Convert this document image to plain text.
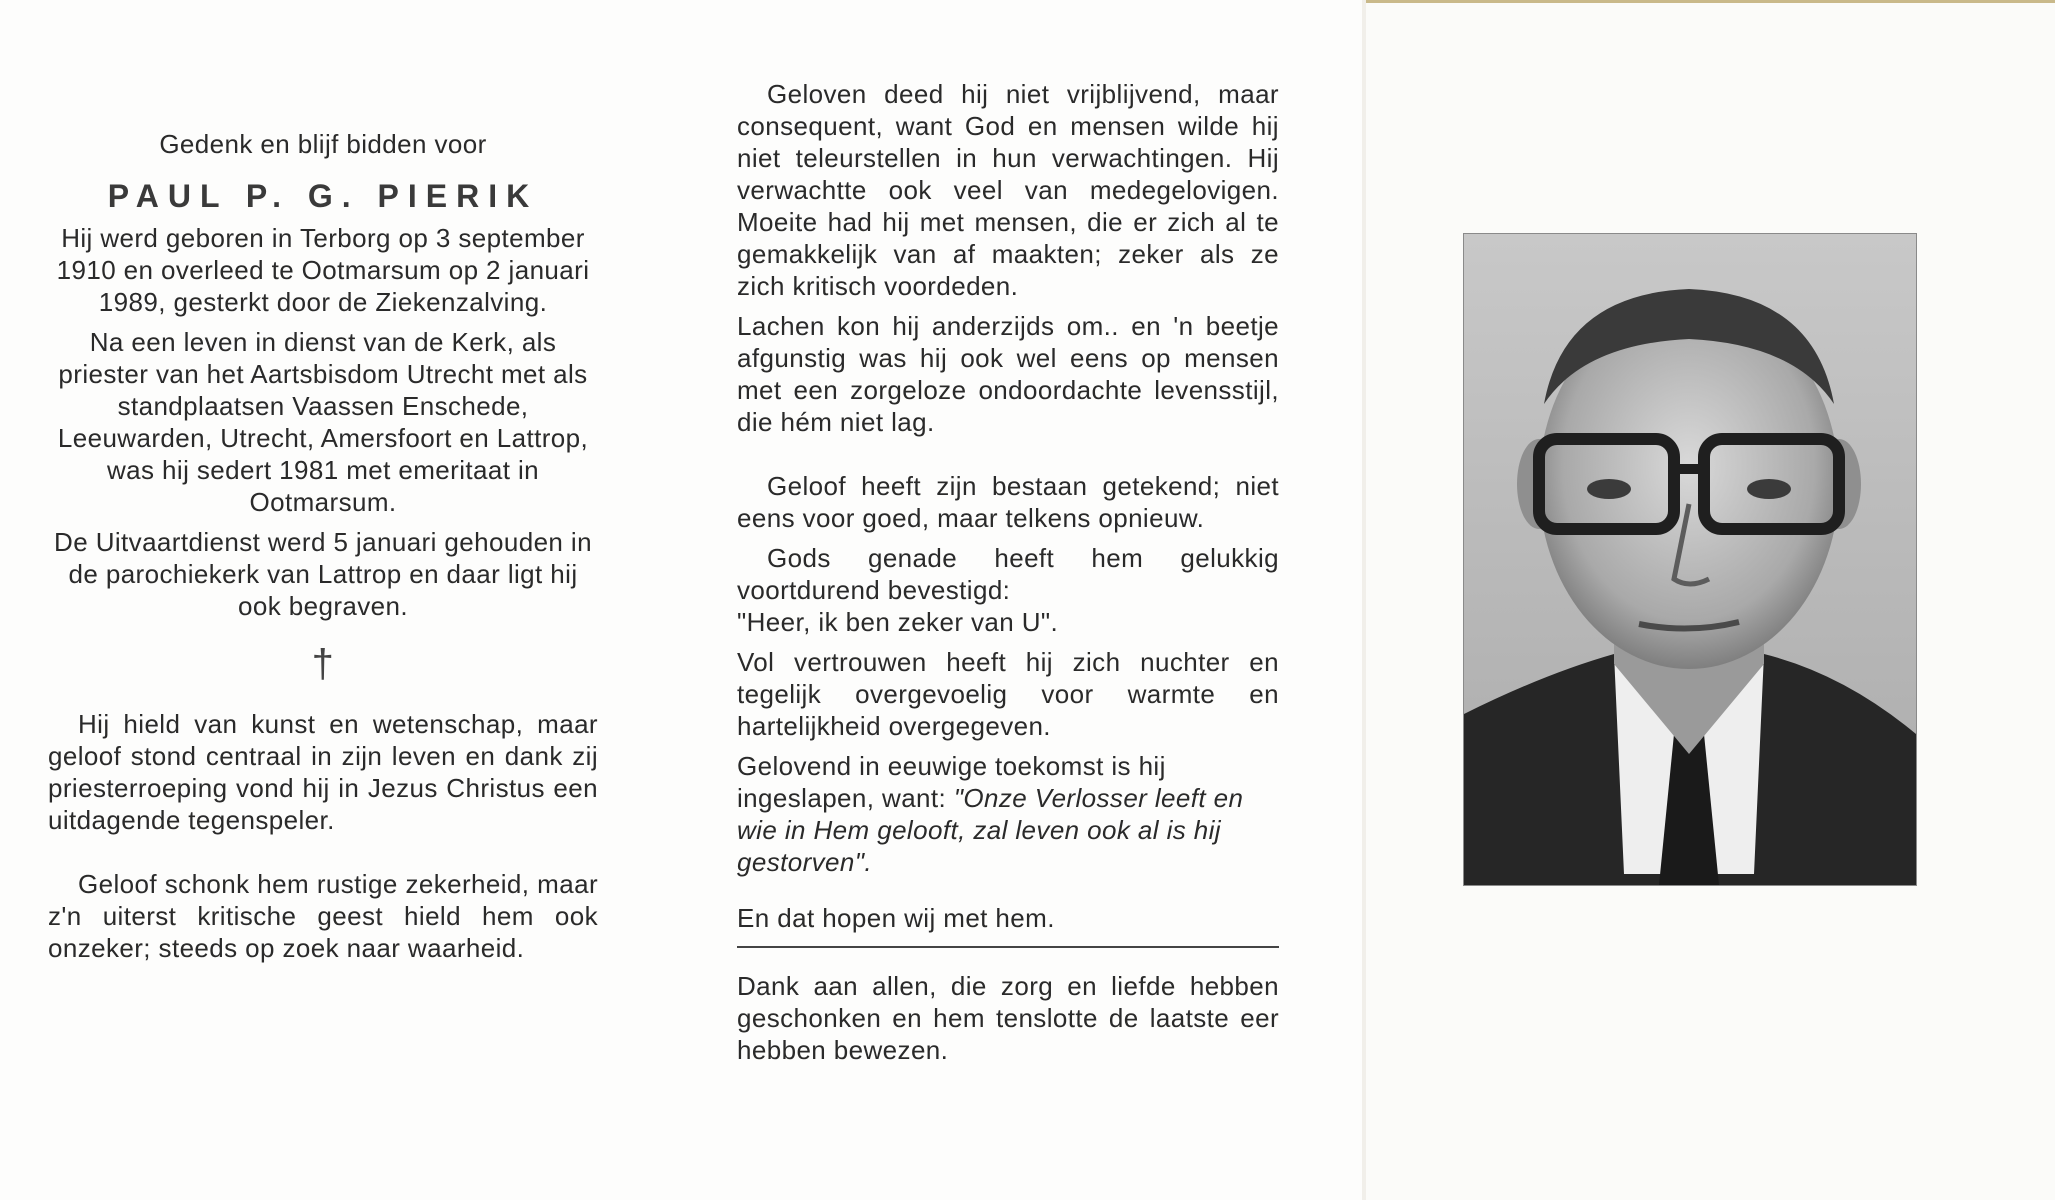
Gedenk en blijf bidden voor
PAUL P. G. PIERIK

Hij werd geboren in Terborg op 3 september 1910 en overleed te Ootmarsum op 2 januari 1989, gesterkt door de Ziekenzalving.

Na een leven in dienst van de Kerk, als priester van het Aartsbisdom Utrecht met als standplaatsen Vaassen Enschede, Leeuwarden, Utrecht, Amersfoort en Lattrop, was hij sedert 1981 met emeritaat in Ootmarsum.

De Uitvaartdienst werd 5 januari gehouden in de parochiekerk van Lattrop en daar ligt hij ook begraven.

†

Hij hield van kunst en wetenschap, maar geloof stond centraal in zijn leven en dank zij priesterroeping vond hij in Jezus Christus een uitdagende tegenspeler.

Geloof schonk hem rustige zekerheid, maar z'n uiterst kritische geest hield hem ook onzeker; steeds op zoek naar waarheid.

Geloven deed hij niet vrijblijvend, maar consequent, want God en mensen wilde hij niet teleurstellen in hun verwachtingen. Hij verwachtte ook veel van medegelovigen. Moeite had hij met mensen, die er zich al te gemakkelijk van af maakten; zeker als ze zich kritisch voordeden.

Lachen kon hij anderzijds om.. en 'n beetje afgunstig was hij ook wel eens op mensen met een zorgeloze ondoordachte levensstijl, die hém niet lag.

Geloof heeft zijn bestaan getekend; niet eens voor goed, maar telkens opnieuw.

Gods genade heeft hem gelukkig voortdurend bevestigd:

"Heer, ik ben zeker van U".

Vol vertrouwen heeft hij zich nuchter en tegelijk overgevoelig voor warmte en hartelijkheid overgegeven.

Gelovend in eeuwige toekomst is hij ingeslapen, want: "Onze Verlosser leeft en wie in Hem gelooft, zal leven ook al is hij gestorven".

En dat hopen wij met hem.

Dank aan allen, die zorg en liefde hebben geschonken en hem tenslotte de laatste eer hebben bewezen.
